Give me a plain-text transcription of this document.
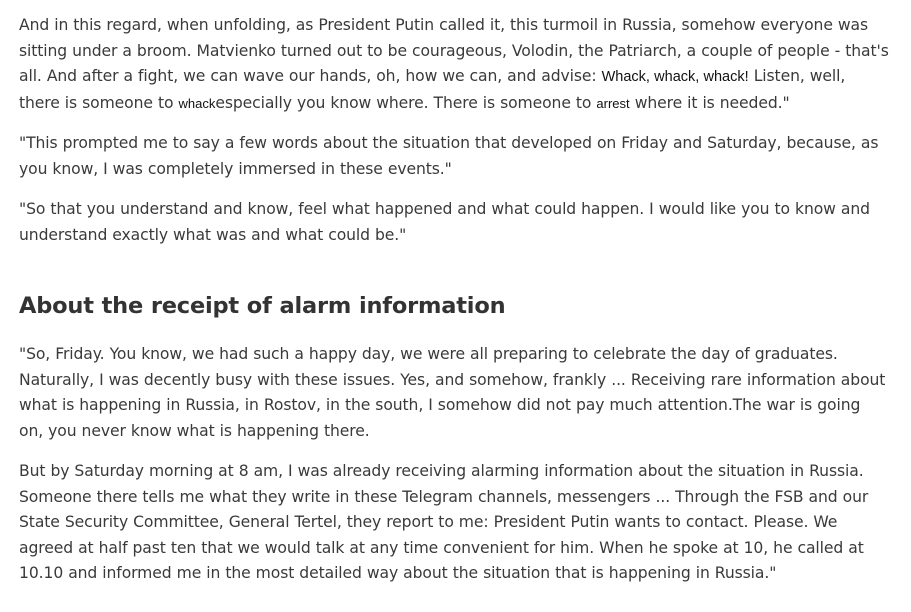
And in this regard, when unfolding, as President Putin called it, this turmoil in Russia, somehow everyone was sitting under a broom. Matvienko turned out to be courageous, Volodin, the Patriarch, a couple of people - that's all. And after a fight, we can wave our hands, oh, how we can, and advise: Whack, whack, whack! Listen, well, there is someone to whackespecially you know where. There is someone to arrest where it is needed."

"This prompted me to say a few words about the situation that developed on Friday and Saturday, because, as you know, I was completely immersed in these events."

"So that you understand and know, feel what happened and what could happen. I would like you to know and understand exactly what was and what could be."

About the receipt of alarm information

"So, Friday. You know, we had such a happy day, we were all preparing to celebrate the day of graduates. Naturally, I was decently busy with these issues. Yes, and somehow, frankly ... Receiving rare information about what is happening in Russia, in Rostov, in the south, I somehow did not pay much attention.The war is going on, you never know what is happening there.

But by Saturday morning at 8 am, I was already receiving alarming information about the situation in Russia. Someone there tells me what they write in these Telegram channels, messengers ... Through the FSB and our State Security Committee, General Tertel, they report to me: President Putin wants to contact. Please. We agreed at half past ten that we would talk at any time convenient for him. When he spoke at 10, he called at 10.10 and informed me in the most detailed way about the situation that is happening in Russia."
